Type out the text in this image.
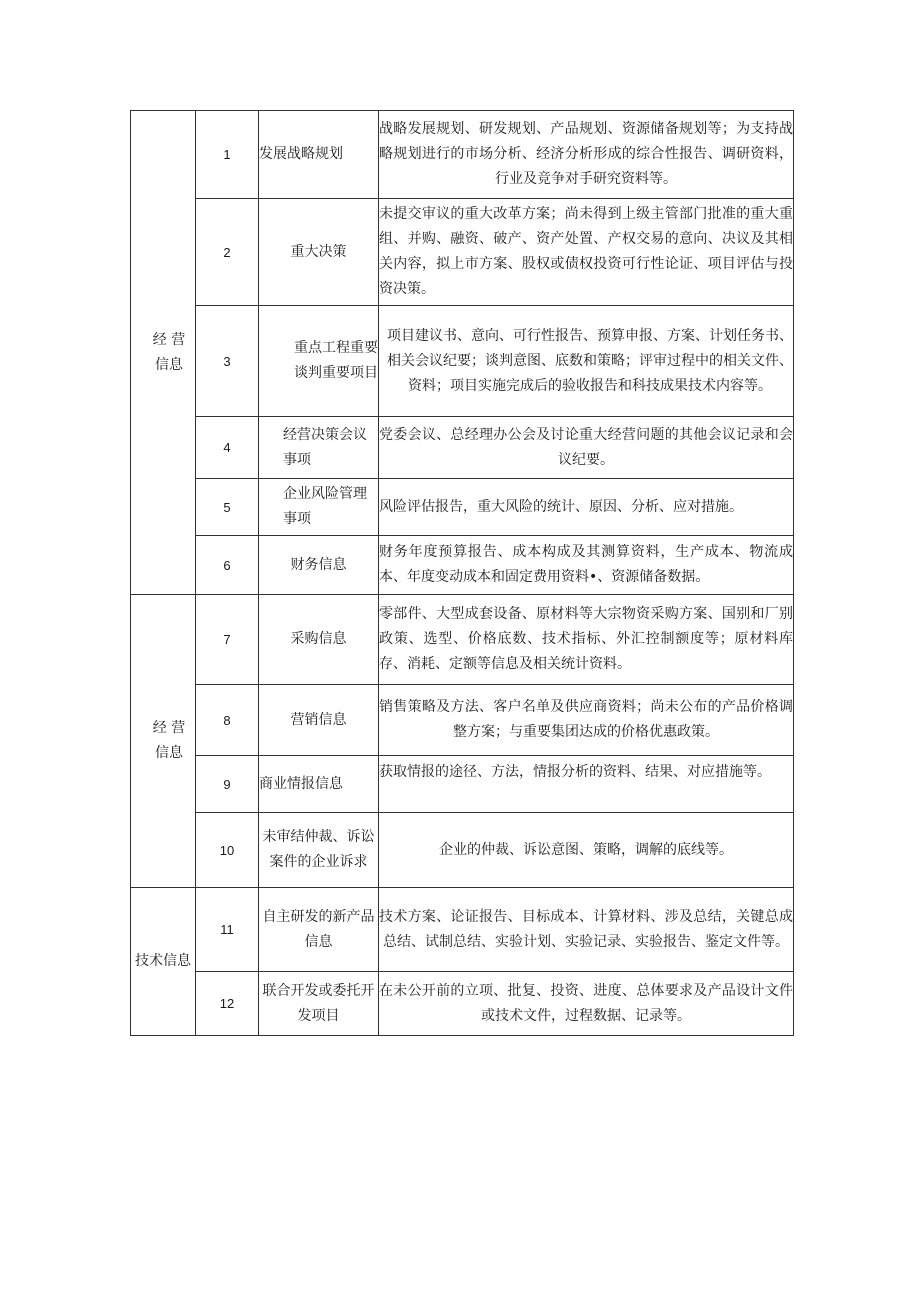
经 营
信息	1	发展战略规划	战略发展规划、研发规划、产品规划、资源储备规划等；为支持战略规划进行的市场分析、经济分析形成的综合性报告、调研资料，行业及竞争对手研究资料等。
	2	重大决策	未提交审议的重大改革方案；尚未得到上级主管部门批准的重大重组、并购、融资、破产、资产处置、产权交易的意向、决议及其相关内容，拟上市方案、股权或债权投资可行性论证、项目评估与投资决策。
	3	重点工程重要谈判重要项目	项目建议书、意向、可行性报告、预算申报、方案、计划任务书、相关会议纪要；谈判意图、底数和策略；评审过程中的相关文件、资料；项目实施完成后的验收报告和科技成果技术内容等。
	4	经营决策会议事项	党委会议、总经理办公会及讨论重大经营问题的其他会议记录和会议纪要。
	5	企业风险管理事项	风险评估报告，重大风险的统计、原因、分析、应对措施。
	6	财务信息	财务年度预算报告、成本构成及其测算资料，生产成本、物流成本、年度变动成本和固定费用资料•、资源储备数据。
经 营
信息	7	采购信息	零部件、大型成套设备、原材料等大宗物资采购方案、国别和厂别政策、选型、价格底数、技术指标、外汇控制额度等；原材料库存、消耗、定额等信息及相关统计资料。
	8	营销信息	销售策略及方法、客户名单及供应商资料；尚未公布的产品价格调整方案；与重要集团达成的价格优惠政策。
	9	商业情报信息	获取情报的途径、方法，情报分析的资料、结果、对应措施等。
	10	未审结仲裁、诉讼案件的企业诉求	企业的仲裁、诉讼意图、策略，调解的底线等。
技术信息	11	自主研发的新产品信息	技术方案、论证报告、目标成本、计算材料、涉及总结，关键总成总结、试制总结、实验计划、实验记录、实验报告、鉴定文件等。
	12	联合开发或委托开发项目	在未公开前的立项、批复、投资、进度、总体要求及产品设计文件或技术文件，过程数据、记录等。
